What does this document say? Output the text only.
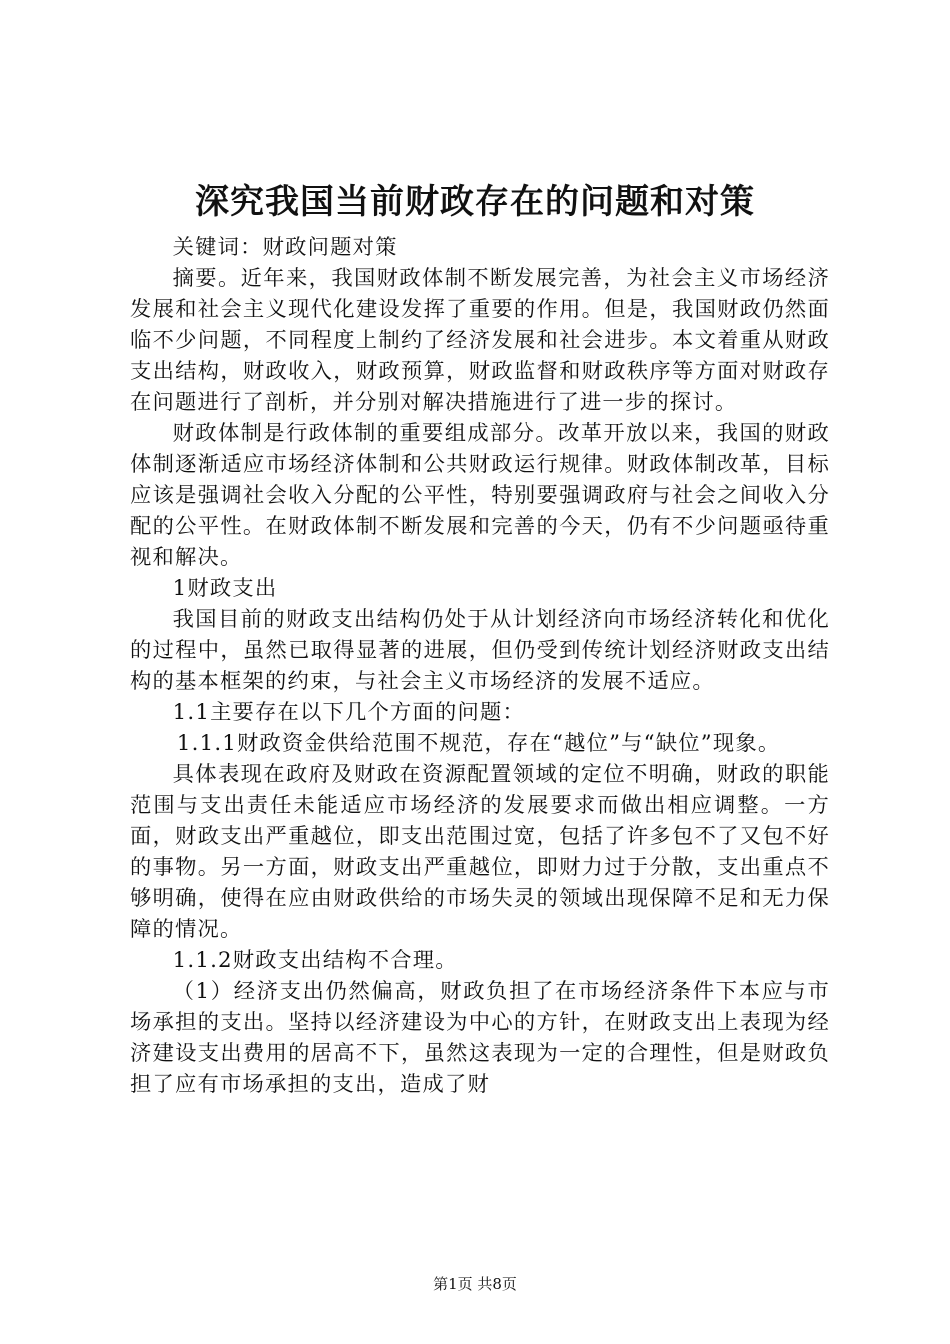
深究我国当前财政存在的问题和对策

关键词：财政问题对策

摘要。近年来，我国财政体制不断发展完善，为社会主义市场经济发展和社会主义现代化建设发挥了重要的作用。但是，我国财政仍然面临不少问题，不同程度上制约了经济发展和社会进步。本文着重从财政支出结构，财政收入，财政预算，财政监督和财政秩序等方面对财政存在问题进行了剖析，并分别对解决措施进行了进一步的探讨。

财政体制是行政体制的重要组成部分。改革开放以来，我国的财政体制逐渐适应市场经济体制和公共财政运行规律。财政体制改革，目标应该是强调社会收入分配的公平性，特别要强调政府与社会之间收入分配的公平性。在财政体制不断发展和完善的今天，仍有不少问题亟待重视和解决。

1财政支出

我国目前的财政支出结构仍处于从计划经济向市场经济转化和优化的过程中，虽然已取得显著的进展，但仍受到传统计划经济财政支出结构的基本框架的约束，与社会主义市场经济的发展不适应。

1.1主要存在以下几个方面的问题：

1.1.1财政资金供给范围不规范，存在“越位”与“缺位”现象。

具体表现在政府及财政在资源配置领域的定位不明确，财政的职能范围与支出责任未能适应市场经济的发展要求而做出相应调整。一方面，财政支出严重越位，即支出范围过宽，包括了许多包不了又包不好的事物。另一方面，财政支出严重越位，即财力过于分散，支出重点不够明确，使得在应由财政供给的市场失灵的领域出现保障不足和无力保障的情况。

1.1.2财政支出结构不合理。

（1）经济支出仍然偏高，财政负担了在市场经济条件下本应与市场承担的支出。坚持以经济建设为中心的方针，在财政支出上表现为经济建设支出费用的居高不下，虽然这表现为一定的合理性，但是财政负担了应有市场承担的支出，造成了财

第1页 共8页
